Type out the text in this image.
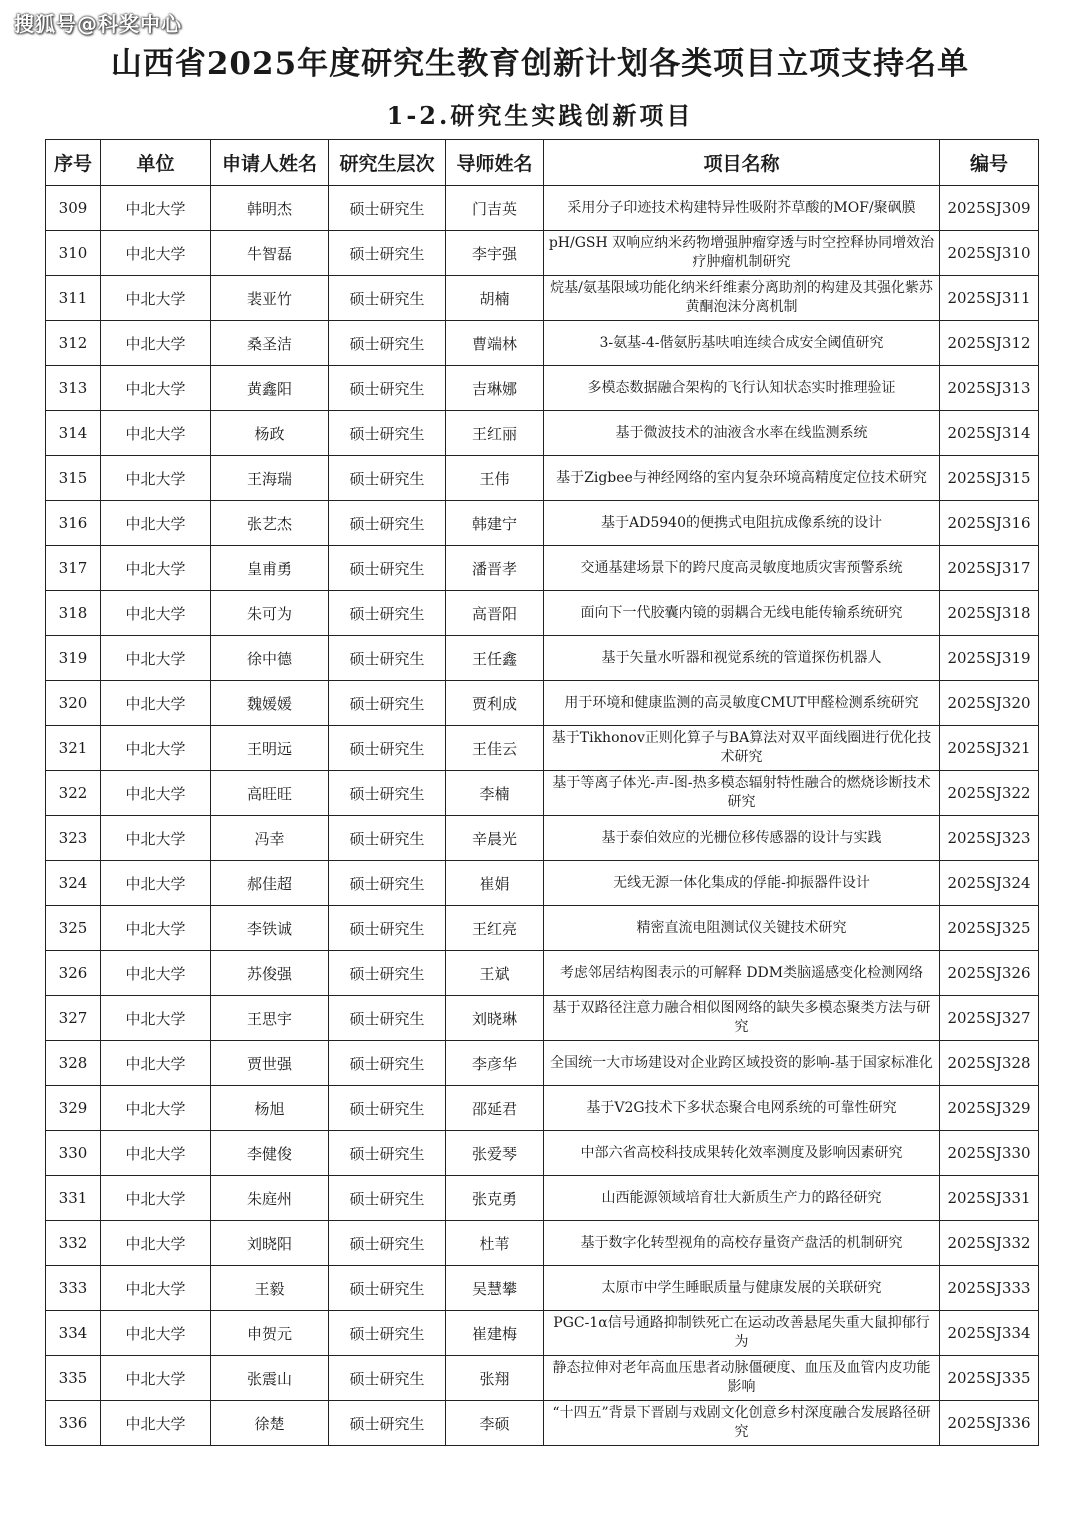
搜狐号@科奖中心
山西省2025年度研究生教育创新计划各类项目立项支持名单
1-2.研究生实践创新项目
序号	单位	申请人姓名	研究生层次	导师姓名	项目名称	编号
309	中北大学	韩明杰	硕士研究生	门吉英	采用分子印迹技术构建特异性吸附芥草酸的MOF/聚砜膜	2025SJ309
310	中北大学	牛智磊	硕士研究生	李宇强	pH/GSH 双响应纳米药物增强肿瘤穿透与时空控释协同增效治疗肿瘤机制研究	2025SJ310
311	中北大学	裴亚竹	硕士研究生	胡楠	烷基/氨基限域功能化纳米纤维素分离助剂的构建及其强化紫苏黄酮泡沫分离机制	2025SJ311
312	中北大学	桑圣洁	硕士研究生	曹端林	3-氨基-4-偕氨肟基呋咱连续合成安全阈值研究	2025SJ312
313	中北大学	黄鑫阳	硕士研究生	吉琳娜	多模态数据融合架构的飞行认知状态实时推理验证	2025SJ313
314	中北大学	杨政	硕士研究生	王红丽	基于微波技术的油液含水率在线监测系统	2025SJ314
315	中北大学	王海瑞	硕士研究生	王伟	基于Zigbee与神经网络的室内复杂环境高精度定位技术研究	2025SJ315
316	中北大学	张艺杰	硕士研究生	韩建宁	基于AD5940的便携式电阻抗成像系统的设计	2025SJ316
317	中北大学	皇甫勇	硕士研究生	潘晋孝	交通基建场景下的跨尺度高灵敏度地质灾害预警系统	2025SJ317
318	中北大学	朱可为	硕士研究生	高晋阳	面向下一代胶囊内镜的弱耦合无线电能传输系统研究	2025SJ318
319	中北大学	徐中德	硕士研究生	王任鑫	基于矢量水听器和视觉系统的管道探伤机器人	2025SJ319
320	中北大学	魏媛媛	硕士研究生	贾利成	用于环境和健康监测的高灵敏度CMUT甲醛检测系统研究	2025SJ320
321	中北大学	王明远	硕士研究生	王佳云	基于Tikhonov正则化算子与BA算法对双平面线圈进行优化技术研究	2025SJ321
322	中北大学	高旺旺	硕士研究生	李楠	基于等离子体光-声-图-热多模态辐射特性融合的燃烧诊断技术研究	2025SJ322
323	中北大学	冯幸	硕士研究生	辛晨光	基于泰伯效应的光栅位移传感器的设计与实践	2025SJ323
324	中北大学	郝佳超	硕士研究生	崔娟	无线无源一体化集成的俘能-抑振器件设计	2025SJ324
325	中北大学	李铁诚	硕士研究生	王红亮	精密直流电阻测试仪关键技术研究	2025SJ325
326	中北大学	苏俊强	硕士研究生	王斌	考虑邻居结构图表示的可解释 DDM类脑遥感变化检测网络	2025SJ326
327	中北大学	王思宇	硕士研究生	刘晓琳	基于双路径注意力融合相似图网络的缺失多模态聚类方法与研究	2025SJ327
328	中北大学	贾世强	硕士研究生	李彦华	全国统一大市场建设对企业跨区域投资的影响-基于国家标准化	2025SJ328
329	中北大学	杨旭	硕士研究生	邵延君	基于V2G技术下多状态聚合电网系统的可靠性研究	2025SJ329
330	中北大学	李健俊	硕士研究生	张爱琴	中部六省高校科技成果转化效率测度及影响因素研究	2025SJ330
331	中北大学	朱庭州	硕士研究生	张克勇	山西能源领域培育壮大新质生产力的路径研究	2025SJ331
332	中北大学	刘晓阳	硕士研究生	杜苇	基于数字化转型视角的高校存量资产盘活的机制研究	2025SJ332
333	中北大学	王毅	硕士研究生	吴慧攀	太原市中学生睡眠质量与健康发展的关联研究	2025SJ333
334	中北大学	申贺元	硕士研究生	崔建梅	PGC-1α信号通路抑制铁死亡在运动改善悬尾失重大鼠抑郁行为	2025SJ334
335	中北大学	张震山	硕士研究生	张翔	静态拉伸对老年高血压患者动脉僵硬度、血压及血管内皮功能影响	2025SJ335
336	中北大学	徐楚	硕士研究生	李硕	“十四五”背景下晋剧与戏剧文化创意乡村深度融合发展路径研究	2025SJ336
